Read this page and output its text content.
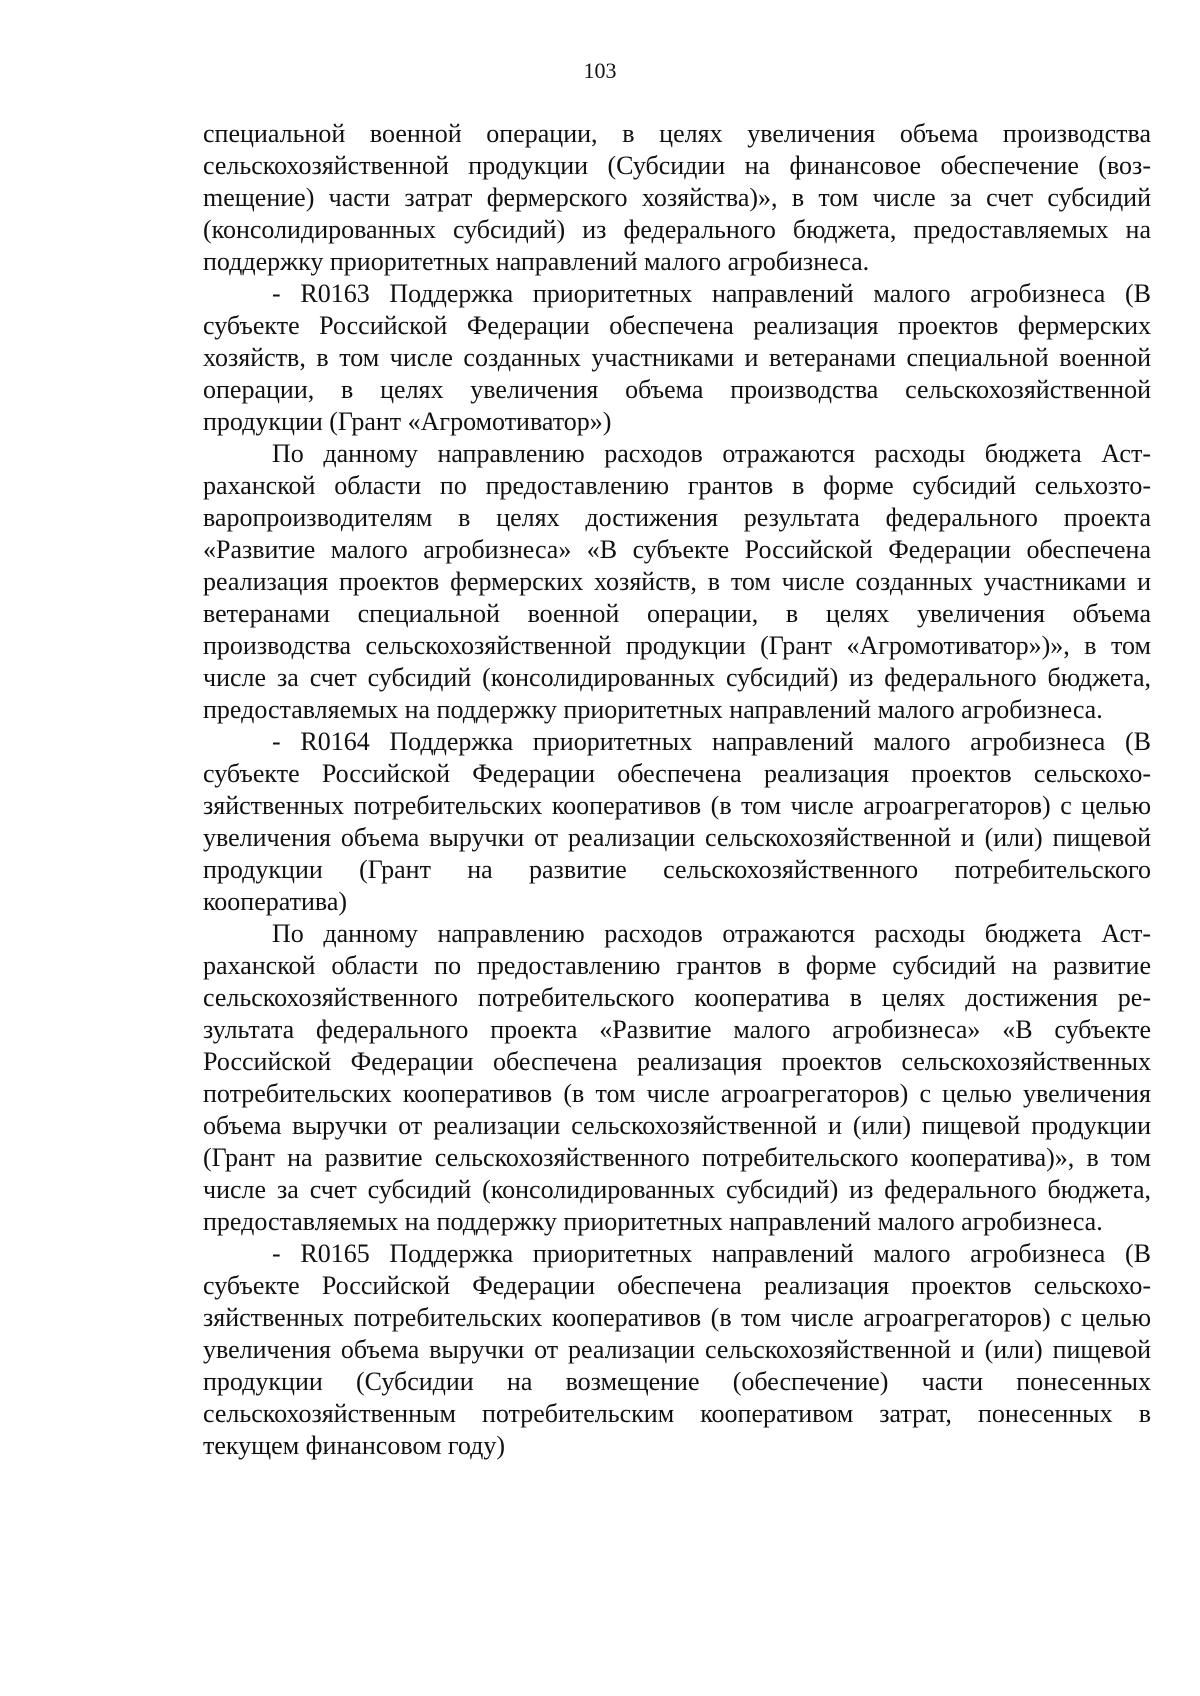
103

специальной военной операции, в целях увеличения объема производства сельскохозяйственной продукции (Субсидии на финансовое обеспечение (возmещение) части затрат фермерского хозяйства)», в том числе за счет субсидий (консолидированных субсидий) из федерального бюджета, предоставляемых на поддержку приоритетных направлений малого агробизнеса.

- R0163 Поддержка приоритетных направлений малого агробизнеса (В субъекте Российской Федерации обеспечена реализация проектов фермерских хозяйств, в том числе созданных участниками и ветеранами специальной военной операции, в целях увеличения объема производства сельскохозяйственной продукции (Грант «Агромотиватор»)

По данному направлению расходов отражаются расходы бюджета Астраханской области по предоставлению грантов в форме субсидий сельхозтоваропроизводителям в целях достижения результата федерального проекта «Развитие малого агробизнеса» «В субъекте Российской Федерации обеспечена реализация проектов фермерских хозяйств, в том числе созданных участниками и ветеранами специальной военной операции, в целях увеличения объема производства сельскохозяйственной продукции (Грант «Агромотиватор»)», в том числе за счет субсидий (консолидированных субсидий) из федерального бюджета, предоставляемых на поддержку приоритетных направлений малого агробизнеса.

- R0164 Поддержка приоритетных направлений малого агробизнеса (В субъекте Российской Федерации обеспечена реализация проектов сельскохозяйственных потребительских кооперативов (в том числе агроагрегаторов) с целью увеличения объема выручки от реализации сельскохозяйственной и (или) пищевой продукции (Грант на развитие сельскохозяйственного потребительского кооператива)

По данному направлению расходов отражаются расходы бюджета Астраханской области по предоставлению грантов в форме субсидий на развитие сельскохозяйственного потребительского кооператива в целях достижения результата федерального проекта «Развитие малого агробизнеса» «В субъекте Российской Федерации обеспечена реализация проектов сельскохозяйственных потребительских кооперативов (в том числе агроагрегаторов) с целью увеличения объема выручки от реализации сельскохозяйственной и (или) пищевой продукции (Грант на развитие сельскохозяйственного потребительского кооператива)», в том числе за счет субсидий (консолидированных субсидий) из федерального бюджета, предоставляемых на поддержку приоритетных направлений малого агробизнеса.

- R0165 Поддержка приоритетных направлений малого агробизнеса (В субъекте Российской Федерации обеспечена реализация проектов сельскохозяйственных потребительских кооперативов (в том числе агроагрегаторов) с целью увеличения объема выручки от реализации сельскохозяйственной и (или) пищевой продукции (Субсидии на возмещение (обеспечение) части понесенных сельскохозяйственным потребительским кооперативом затрат, понесенных в текущем финансовом году)
